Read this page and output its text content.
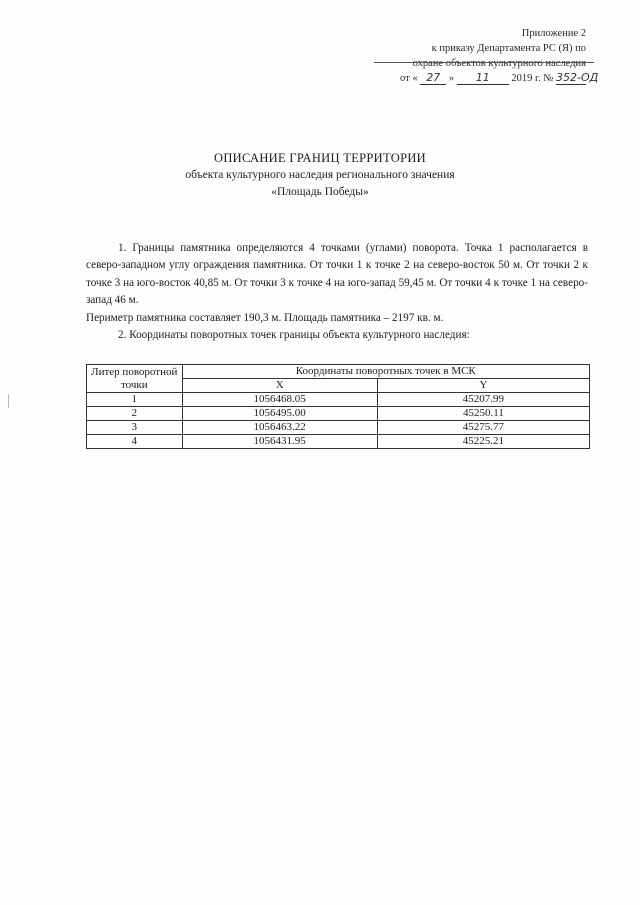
Приложение 2
к приказу Департамента РС (Я) по
охране объектов культурного наследия
от « 27 » 11 2019 г. № 352-ОД
ОПИСАНИЕ ГРАНИЦ ТЕРРИТОРИИ
объекта культурного наследия регионального значения
«Площадь Победы»

1. Границы памятника определяются 4 точками (углами) поворота. Точка 1 располагается в северо-западном углу ограждения памятника. От точки 1 к точке 2 на северо-восток 50 м. От точки 2 к точке 3 на юго-восток 40,85 м. От точки 3 к точке 4 на юго-запад 59,45 м. От точки 4 к точке 1 на северо-запад 46 м.

Периметр памятника составляет 190,3 м. Площадь памятника – 2197 кв. м.

2. Координаты поворотных точек границы объекта культурного наследия:

Литер поворотной точки	Координаты поворотных точек в МСК	
	X	Y
1	1056468.05	45207.99
2	1056495.00	45250.11
3	1056463.22	45275.77
4	1056431.95	45225.21
